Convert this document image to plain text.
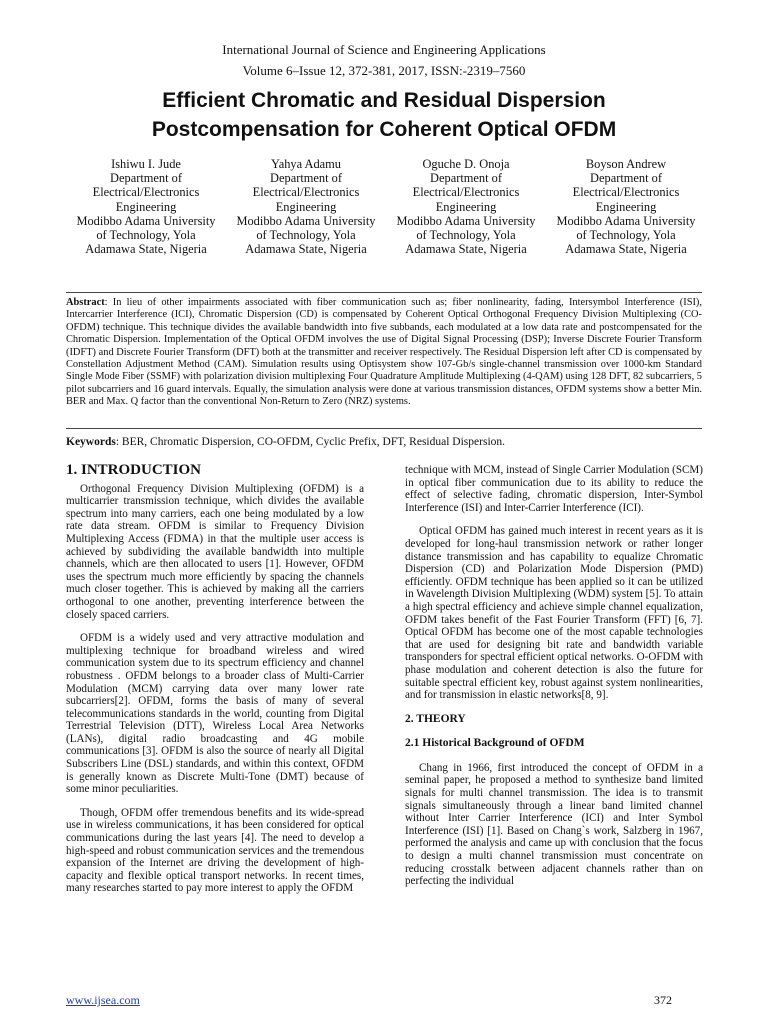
International Journal of Science and Engineering Applications
Volume 6–Issue 12, 372-381, 2017, ISSN:-2319–7560
Efficient Chromatic and Residual Dispersion
Postcompensation for Coherent Optical OFDM
Ishiwu I. Jude
Department of
Electrical/Electronics
Engineering
Modibbo Adama University
of Technology, Yola
Adamawa State, Nigeria
Yahya Adamu
Department of
Electrical/Electronics
Engineering
Modibbo Adama University
of Technology, Yola
Adamawa State, Nigeria
Oguche D. Onoja
Department of
Electrical/Electronics
Engineering
Modibbo Adama University
of Technology, Yola
Adamawa State, Nigeria
Boyson Andrew
Department of
Electrical/Electronics
Engineering
Modibbo Adama University
of Technology, Yola
Adamawa State, Nigeria
Abstract: In lieu of other impairments associated with fiber communication such as; fiber nonlinearity, fading, Intersymbol Interference (ISI), Intercarrier Interference (ICI), Chromatic Dispersion (CD) is compensated by Coherent Optical Orthogonal Frequency Division Multiplexing (CO-OFDM) technique. This technique divides the available bandwidth into five subbands, each modulated at a low data rate and postcompensated for the Chromatic Dispersion. Implementation of the Optical OFDM involves the use of Digital Signal Processing (DSP); Inverse Discrete Fourier Transform (IDFT) and Discrete Fourier Transform (DFT) both at the transmitter and receiver respectively. The Residual Dispersion left after CD is compensated by Constellation Adjustment Method (CAM). Simulation results using Optisystem show 107-Gb/s single-channel transmission over 1000-km Standard Single Mode Fiber (SSMF) with polarization division multiplexing Four Quadrature Amplitude Multiplexing (4-QAM) using 128 DFT, 82 subcarriers, 5 pilot subcarriers and 16 guard intervals. Equally, the simulation analysis were done at various transmission distances, OFDM systems show a better Min. BER and Max. Q factor than the conventional Non-Return to Zero (NRZ) systems.
Keywords: BER, Chromatic Dispersion, CO-OFDM, Cyclic Prefix, DFT, Residual Dispersion.
1. INTRODUCTION

Orthogonal Frequency Division Multiplexing (OFDM) is a multicarrier transmission technique, which divides the available spectrum into many carriers, each one being modulated by a low rate data stream. OFDM is similar to Frequency Division Multiplexing Access (FDMA) in that the multiple user access is achieved by subdividing the available bandwidth into multiple channels, which are then allocated to users [1]. However, OFDM uses the spectrum much more efficiently by spacing the channels much closer together. This is achieved by making all the carriers orthogonal to one another, preventing interference between the closely spaced carriers.

OFDM is a widely used and very attractive modulation and multiplexing technique for broadband wireless and wired communication system due to its spectrum efficiency and channel robustness . OFDM belongs to a broader class of Multi-Carrier Modulation (MCM) carrying data over many lower rate subcarriers[2]. OFDM, forms the basis of many of several telecommunications standards in the world, counting from Digital Terrestrial Television (DTT), Wireless Local Area Networks (LANs), digital radio broadcasting and 4G mobile communications [3]. OFDM is also the source of nearly all Digital Subscribers Line (DSL) standards, and within this context, OFDM is generally known as Discrete Multi-Tone (DMT) because of some minor peculiarities.

Though, OFDM offer tremendous benefits and its wide-spread use in wireless communications, it has been considered for optical communications during the last years [4]. The need to develop a high-speed and robust communication services and the tremendous expansion of the Internet are driving the development of high-capacity and flexible optical transport networks. In recent times, many researches started to pay more interest to apply the OFDM

technique with MCM, instead of Single Carrier Modulation (SCM) in optical fiber communication due to its ability to reduce the effect of selective fading, chromatic dispersion, Inter-Symbol Interference (ISI) and Inter-Carrier Interference (ICI).

Optical OFDM has gained much interest in recent years as it is developed for long-haul transmission network or rather longer distance transmission and has capability to equalize Chromatic Dispersion (CD) and Polarization Mode Dispersion (PMD) efficiently. OFDM technique has been applied so it can be utilized in Wavelength Division Multiplexing (WDM) system [5]. To attain a high spectral efficiency and achieve simple channel equalization, OFDM takes benefit of the Fast Fourier Transform (FFT) [6, 7]. Optical OFDM has become one of the most capable technologies that are used for designing bit rate and bandwidth variable transponders for spectral efficient optical networks. O-OFDM with phase modulation and coherent detection is also the future for suitable spectral efficient key, robust against system nonlinearities, and for transmission in elastic networks[8, 9].

2. THEORY
2.1 Historical Background of OFDM

Chang in 1966, first introduced the concept of OFDM in a seminal paper, he proposed a method to synthesize band limited signals for multi channel transmission. The idea is to transmit signals simultaneously through a linear band limited channel without Inter Carrier Interference (ICI) and Inter Symbol Interference (ISI) [1]. Based on Chang`s work, Salzberg in 1967, performed the analysis and came up with conclusion that the focus to design a multi channel transmission must concentrate on reducing crosstalk between adjacent channels rather than on perfecting the individual

www.ijsea.com	372
